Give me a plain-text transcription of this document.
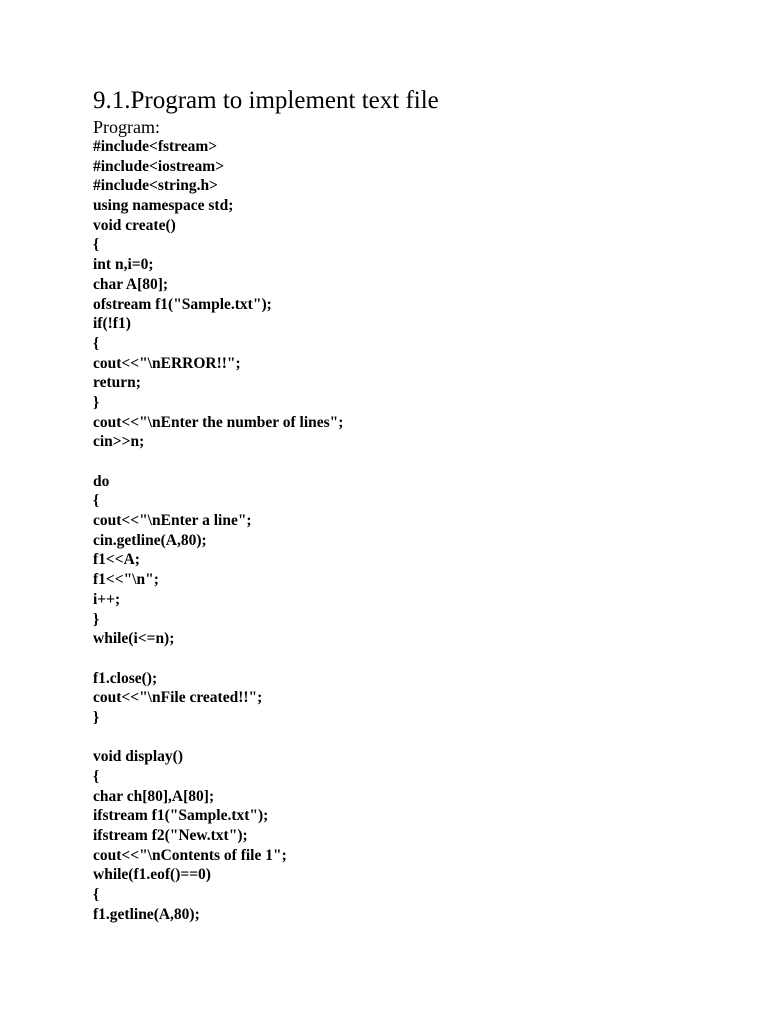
9.1.Program to implement text file
Program:
#include<fstream>
#include<iostream>
#include<string.h>
using namespace std;
void create()
{
int n,i=0;
char A[80];
ofstream f1("Sample.txt");
if(!f1)
{
cout<<"\nERROR!!";
return;
}
cout<<"\nEnter the number of lines";
cin>>n;
do
{
cout<<"\nEnter a line";
cin.getline(A,80);
f1<<A;
f1<<"\n";
i++;
}
while(i<=n);
f1.close();
cout<<"\nFile created!!";
}
void display()
{
char ch[80],A[80];
ifstream f1("Sample.txt");
ifstream f2("New.txt");
cout<<"\nContents of file 1";
while(f1.eof()==0)
{
f1.getline(A,80);
